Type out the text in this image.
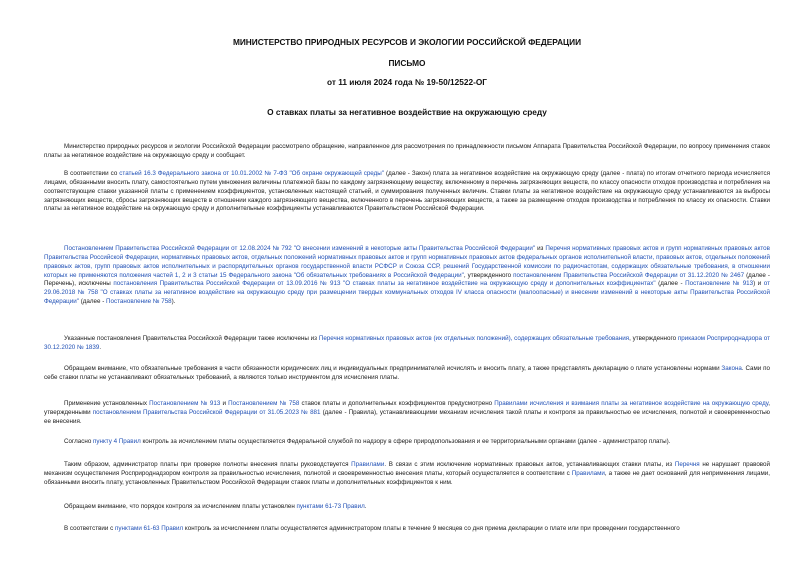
МИНИСТЕРСТВО ПРИРОДНЫХ РЕСУРСОВ И ЭКОЛОГИИ РОССИЙСКОЙ ФЕДЕРАЦИИ
ПИСЬМО
от 11 июля 2024 года № 19-50/12522-ОГ
О ставках платы за негативное воздействие на окружающую среду

Министерство природных ресурсов и экологии Российской Федерации рассмотрело обращение, направленное для рассмотрения по принадлежности письмом Аппарата Правительства Российской Федерации, по вопросу применения ставок платы за негативное воздействие на окружающую среду и сообщает.

В соответствии со статьей 16.3 Федерального закона от 10.01.2002 № 7-ФЗ "Об охране окружающей среды" (далее - Закон) плата за негативное воздействие на окружающую среду (далее - плата) по итогам отчетного периода исчисляется лицами, обязанными вносить плату, самостоятельно путем умножения величины платежной базы по каждому загрязняющему веществу, включенному в перечень загрязняющих веществ, по классу опасности отходов производства и потребления на соответствующие ставки указанной платы с применением коэффициентов, установленных настоящей статьей, и суммирования полученных величин. Ставки платы за негативное воздействие на окружающую среду устанавливаются за выбросы загрязняющих веществ, сбросы загрязняющих веществ в отношении каждого загрязняющего вещества, включенного в перечень загрязняющих веществ, а также за размещение отходов производства и потребления по классу их опасности. Ставки платы за негативное воздействие на окружающую среду и дополнительные коэффициенты устанавливаются Правительством Российской Федерации.

Постановлением Правительства Российской Федерации от 12.08.2024 № 792 "О внесении изменений в некоторые акты Правительства Российской Федерации" из Перечня нормативных правовых актов и групп нормативных правовых актов Правительства Российской Федерации, нормативных правовых актов, отдельных положений нормативных правовых актов и групп нормативных правовых актов федеральных органов исполнительной власти, правовых актов, отдельных положений правовых актов, групп правовых актов исполнительных и распорядительных органов государственной власти РСФСР и Союза ССР, решений Государственной комиссии по радиочастотам, содержащих обязательные требования, в отношении которых не применяются положения частей 1, 2 и 3 статьи 15 Федерального закона "Об обязательных требованиях в Российской Федерации", утвержденного постановлением Правительства Российской Федерации от 31.12.2020 № 2467 (далее - Перечень), исключены постановления Правительства Российской Федерации от 13.09.2016 № 913 "О ставках платы за негативное воздействие на окружающую среду и дополнительных коэффициентах" (далее - Постановление № 913) и от 29.06.2018 № 758 "О ставках платы за негативное воздействие на окружающую среду при размещении твердых коммунальных отходов IV класса опасности (малоопасные) и внесении изменений в некоторые акты Правительства Российской Федерации" (далее - Постановление № 758).

Указанные постановления Правительства Российской Федерации также исключены из Перечня нормативных правовых актов (их отдельных положений), содержащих обязательные требования, утвержденного приказом Росприроднадзора от 30.12.2020 № 1839.

Обращаем внимание, что обязательные требования в части обязанности юридических лиц и индивидуальных предпринимателей исчислять и вносить плату, а также представлять декларацию о плате установлены нормами Закона. Сами по себе ставки платы не устанавливают обязательных требований, а являются только инструментом для исчисления платы.

Применение установленных Постановлением № 913 и Постановлением № 758 ставок платы и дополнительных коэффициентов предусмотрено Правилами исчисления и взимания платы за негативное воздействие на окружающую среду, утвержденными постановлением Правительства Российской Федерации от 31.05.2023 № 881 (далее - Правила), устанавливающими механизм исчисления такой платы и контроля за правильностью ее исчисления, полнотой и своевременностью ее внесения.

Согласно пункту 4 Правил контроль за исчислением платы осуществляется Федеральной службой по надзору в сфере природопользования и ее территориальными органами (далее - администратор платы).

Таким образом, администратор платы при проверке полноты внесения платы руководствуется Правилами. В связи с этим исключение нормативных правовых актов, устанавливающих ставки платы, из Перечня не нарушает правовой механизм осуществления Росприроднадзором контроля за правильностью исчисления, полнотой и своевременностью внесения платы, который осуществляется в соответствии с Правилами, а также не дает оснований для неприменения лицами, обязанными вносить плату, установленных Правительством Российской Федерации ставок платы и дополнительных коэффициентов к ним.

Обращаем внимание, что порядок контроля за исчислением платы установлен пунктами 61-73 Правил.

В соответствии с пунктами 61-63 Правил контроль за исчислением платы осуществляется администратором платы в течение 9 месяцев со дня приема декларации о плате или при проведении государственного
